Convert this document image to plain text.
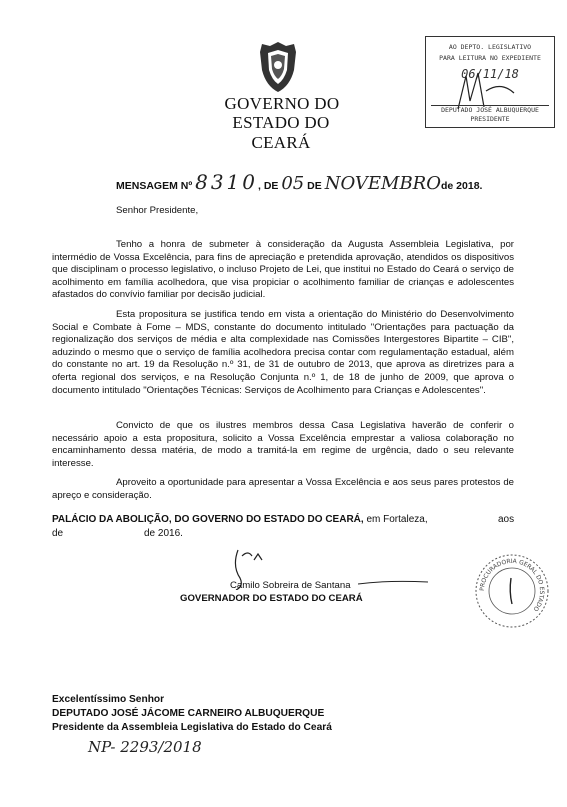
GOVERNO DO
ESTADO DO CEARÁ
AO DEPTO. LEGISLATIVO
PARA LEITURA NO EXPEDIENTE
06/11/18
DEPUTADO JOSÉ ALBUQUERQUE
PRESIDENTE
MENSAGEM Nº 8310, DE 05 DE NOVEMBROde 2018.
Senhor Presidente,
Tenho a honra de submeter à consideração da Augusta Assembleia Legislativa, por intermédio de Vossa Excelência, para fins de apreciação e pretendida aprovação, atendidos os dispositivos que disciplinam o processo legislativo, o incluso Projeto de Lei, que institui no Estado do Ceará o serviço de acolhimento em família acolhedora, que visa propiciar o acolhimento familiar de crianças e adolescentes afastados do convívio familiar por decisão judicial.
Esta propositura se justifica tendo em vista a orientação do Ministério do Desenvolvimento Social e Combate à Fome – MDS, constante do documento intitulado "Orientações para pactuação da regionalização dos serviços de média e alta complexidade nas Comissões Intergestores Bipartite – CIB", aduzindo o mesmo que o serviço de família acolhedora precisa contar com regulamentação estadual, além do constante no art. 19 da Resolução n.º 31, de 31 de outubro de 2013, que aprova as diretrizes para a oferta regional dos serviços, e na Resolução Conjunta n.º 1, de 18 de junho de 2009, que aprova o documento intitulado "Orientações Técnicas: Serviços de Acolhimento para Crianças e Adolescentes".
Convicto de que os ilustres membros dessa Casa Legislativa haverão de conferir o necessário apoio a esta propositura, solicito a Vossa Excelência emprestar a valiosa colaboração no encaminhamento dessa matéria, de modo a tramitá-la em regime de urgência, dado o seu relevante interesse.
Aproveito a oportunidade para apresentar a Vossa Excelência e aos seus pares protestos de apreço e consideração.
PALÁCIO DA ABOLIÇÃO, DO GOVERNO DO ESTADO DO CEARÁ, em Fortaleza,	aos
de	de 2016.
Camilo Sobreira de Santana
GOVERNADOR DO ESTADO DO CEARÁ
PROCURADORIA GERAL DO ESTADO
Excelentíssimo Senhor
DEPUTADO JOSÉ JÁCOME CARNEIRO ALBUQUERQUE
Presidente da Assembleia Legislativa do Estado do Ceará
NP- 2293/2018
